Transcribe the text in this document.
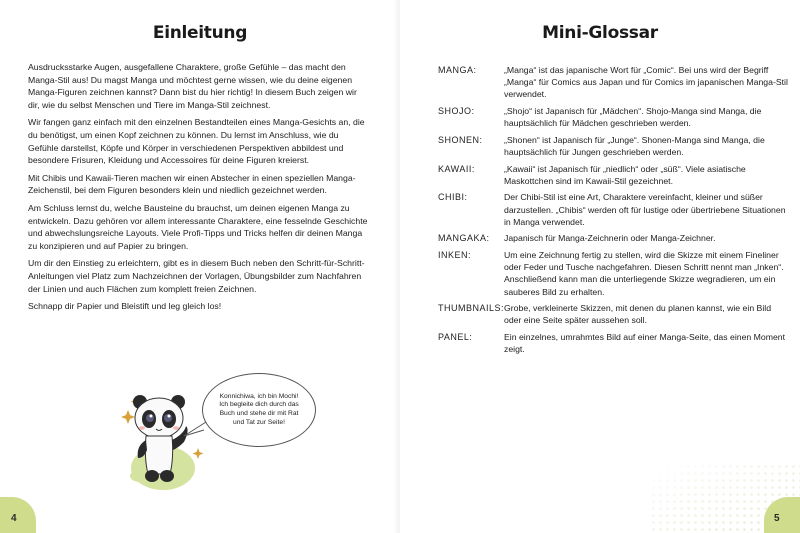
Einleitung

Ausdrucksstarke Augen, ausgefallene Charaktere, große Gefühle – das macht den Manga-Stil aus! Du magst Manga und möchtest gerne wissen, wie du deine eigenen Manga-Figuren zeichnen kannst? Dann bist du hier richtig! In diesem Buch zeigen wir dir, wie du selbst Menschen und Tiere im Manga-Stil zeichnest.

Wir fangen ganz einfach mit den einzelnen Bestandteilen eines Manga-Gesichts an, die du benötigst, um einen Kopf zeichnen zu können. Du lernst im Anschluss, wie du Gefühle darstellst, Köpfe und Körper in verschiedenen Perspektiven abbildest und besondere Frisuren, Kleidung und Accessoires für deine Figuren kreierst.

Mit Chibis und Kawaii-Tieren machen wir einen Abstecher in einen speziellen Manga-Zeichenstil, bei dem Figuren besonders klein und niedlich gezeichnet werden.

Am Schluss lernst du, welche Bausteine du brauchst, um deinen eigenen Manga zu entwickeln. Dazu gehören vor allem interessante Charaktere, eine fesselnde Geschichte und abwechslungsreiche Layouts. Viele Profi-Tipps und Tricks helfen dir deinen Manga zu konzipieren und auf Papier zu bringen.

Um dir den Einstieg zu erleichtern, gibt es in diesem Buch neben den Schritt-für-Schritt-Anleitungen viel Platz zum Nachzeichnen der Vorlagen, Übungsbilder zum Nachfahren der Linien und auch Flächen zum komplett freien Zeichnen.

Schnapp dir Papier und Bleistift und leg gleich los!

Konnichiwa, ich bin Mochi! Ich begleite dich durch das Buch und stehe dir mit Rat und Tat zur Seite!
4
Mini-Glossar
MANGA:	„Manga“ ist das japanische Wort für „Comic“. Bei uns wird der Begriff „Manga“ für Comics aus Japan und für Comics im japanischen Manga-Stil verwendet.
SHOJO:	„Shojo“ ist Japanisch für „Mädchen“. Shojo-Manga sind Manga, die hauptsächlich für Mädchen geschrieben werden.
SHONEN:	„Shonen“ ist Japanisch für „Junge“. Shonen-Manga sind Manga, die hauptsächlich für Jungen geschrieben werden.
KAWAII:	„Kawaii“ ist Japanisch für „niedlich“ oder „süß“. Viele asiatische Maskottchen sind im Kawaii-Stil gezeichnet.
CHIBI:	Der Chibi-Stil ist eine Art, Charaktere vereinfacht, kleiner und süßer darzustellen. „Chibis“ werden oft für lustige oder übertriebene Situationen in Manga verwendet.
MANGAKA:	Japanisch für Manga-Zeichnerin oder Manga-Zeichner.
INKEN:	Um eine Zeichnung fertig zu stellen, wird die Skizze mit einem Fineliner oder Feder und Tusche nachgefahren. Diesen Schritt nennt man „Inken“. Anschließend kann man die unterliegende Skizze wegradieren, um ein sauberes Bild zu erhalten.
THUMBNAILS: Grobe, verkleinerte Skizzen, mit denen du planen kannst, wie ein Bild oder eine Seite später aussehen soll.
PANEL:	Ein einzelnes, umrahmtes Bild auf einer Manga-Seite, das einen Moment zeigt.
5
